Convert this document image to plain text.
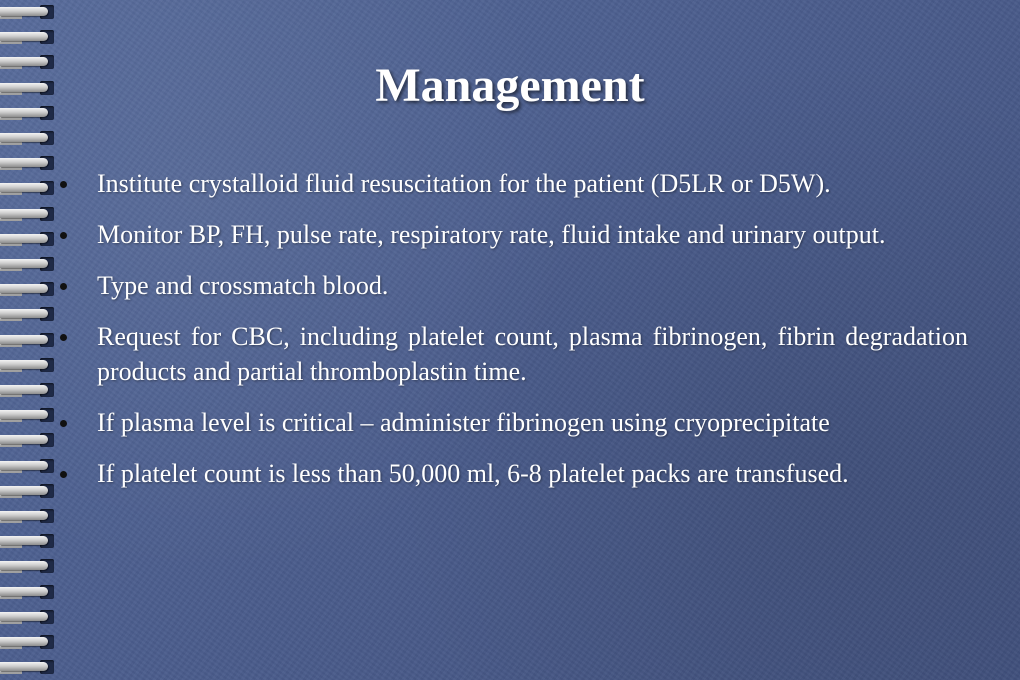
Management
Institute crystalloid fluid resuscitation for the patient (D5LR or D5W).
Monitor BP, FH, pulse rate, respiratory rate, fluid intake and urinary output.
Type and crossmatch blood.
Request for CBC, including platelet count, plasma fibrinogen, fibrin degradation products and partial thromboplastin time.
If plasma level is critical – administer fibrinogen using cryoprecipitate
If platelet count is less than 50,000 ml, 6-8 platelet packs are transfused.
